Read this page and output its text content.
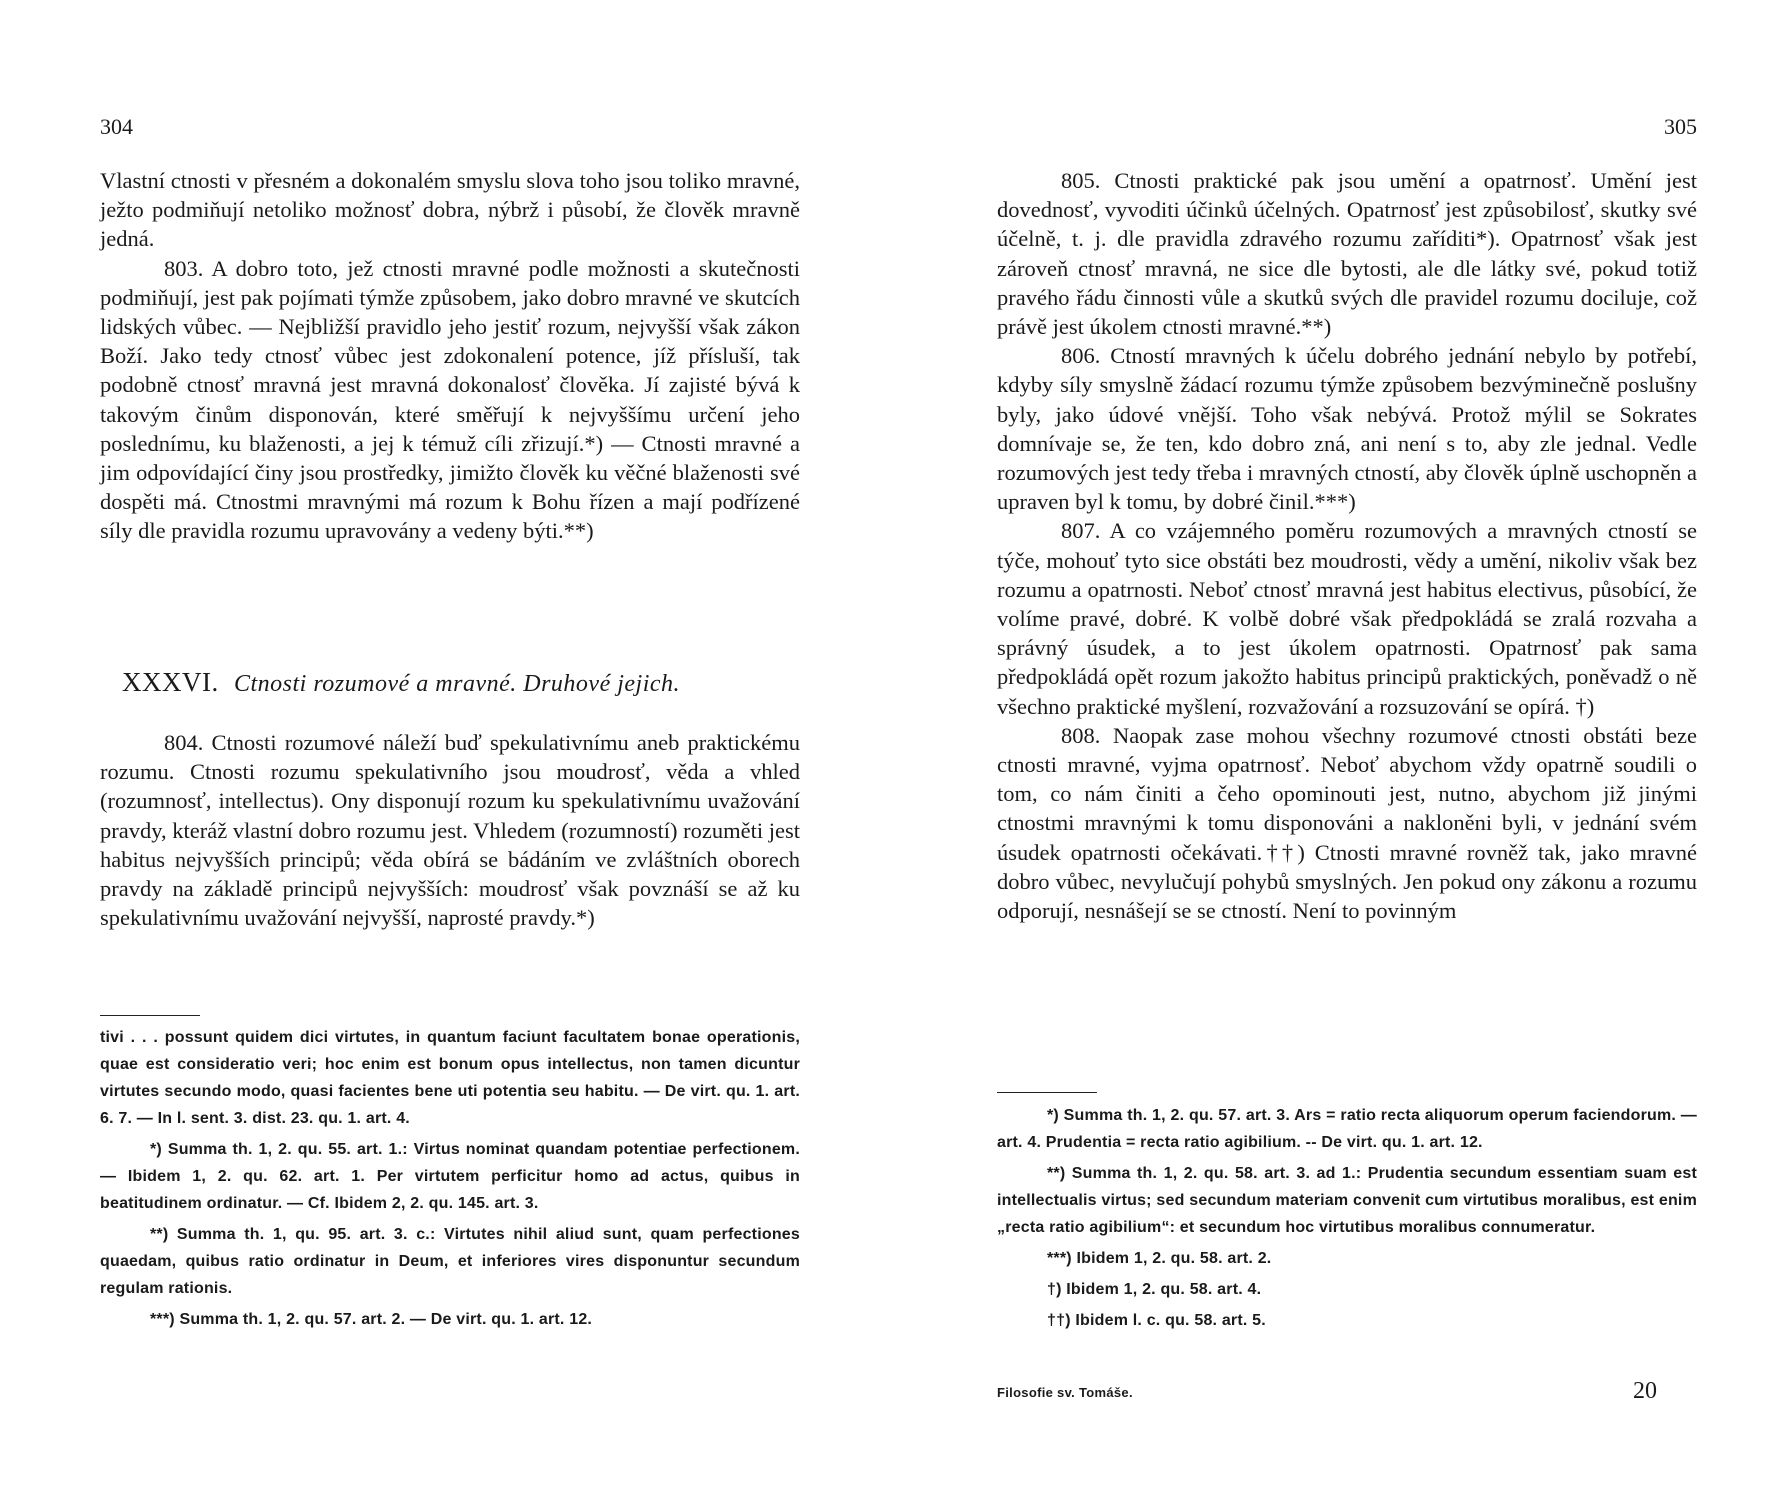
304

Vlastní ctnosti v přesném a dokonalém smyslu slova toho jsou toliko mravné, ježto podmiňují netoliko možnosť dobra, nýbrž i působí, že člověk mravně jedná.

803. A dobro toto, jež ctnosti mravné podle možnosti a skutečnosti podmiňují, jest pak pojímati týmže způsobem, jako dobro mravné ve skutcích lidských vůbec. — Nejbližší pravidlo jeho jestiť rozum, nejvyšší však zákon Boží. Jako tedy ctnosť vůbec jest zdokonalení potence, jíž přísluší, tak podobně ctnosť mravná jest mravná dokonalosť člověka. Jí zajisté bývá k takovým činům disponován, které směřují k nejvyššímu určení jeho poslednímu, ku blaženosti, a jej k témuž cíli zřizují.*) — Ctnosti mravné a jim odpovídající činy jsou prostředky, jimižto člověk ku věčné blaženosti své dospěti má. Ctnostmi mravnými má rozum k Bohu řízen a mají podřízené síly dle pravidla rozumu upravovány a vedeny býti.**)

XXXVI. Ctnosti rozumové a mravné. Druhové jejich.

804. Ctnosti rozumové náleží buď spekulativnímu aneb praktickému rozumu. Ctnosti rozumu spekulativního jsou moudrosť, věda a vhled (rozumnosť, intellectus). Ony disponují rozum ku spekulativnímu uvažování pravdy, kteráž vlastní dobro rozumu jest. Vhledem (rozumností) rozuměti jest habitus nejvyšších principů; věda obírá se bádáním ve zvláštních oborech pravdy na základě principů nejvyšších: moudrosť však povznáší se až ku spekulativnímu uvažování nejvyšší, naprosté pravdy.*)

tivi . . . possunt quidem dici virtutes, in quantum faciunt facultatem bonae operationis, quae est consideratio veri; hoc enim est bonum opus intellectus, non tamen dicuntur virtutes secundo modo, quasi facientes bene uti potentia seu habitu. — De virt. qu. 1. art. 6. 7. — In l. sent. 3. dist. 23. qu. 1. art. 4.

*) Summa th. 1, 2. qu. 55. art. 1.: Virtus nominat quandam potentiae perfectionem. — Ibidem 1, 2. qu. 62. art. 1. Per virtutem perficitur homo ad actus, quibus in beatitudinem ordinatur. — Cf. Ibidem 2, 2. qu. 145. art. 3.

**) Summa th. 1, qu. 95. art. 3. c.: Virtutes nihil aliud sunt, quam perfectiones quaedam, quibus ratio ordinatur in Deum, et inferiores vires disponuntur secundum regulam rationis.

***) Summa th. 1, 2. qu. 57. art. 2. — De virt. qu. 1. art. 12.

305

805. Ctnosti praktické pak jsou umění a opatrnosť. Umění jest dovednosť, vyvoditi účinků účelných. Opatrnosť jest způsobilosť, skutky své účelně, t. j. dle pravidla zdravého rozumu zaříditi*). Opatrnosť však jest zároveň ctnosť mravná, ne sice dle bytosti, ale dle látky své, pokud totiž pravého řádu činnosti vůle a skutků svých dle pravidel rozumu dociluje, což právě jest úkolem ctnosti mravné.**)

806. Ctností mravných k účelu dobrého jednání nebylo by potřebí, kdyby síly smyslně žádací rozumu týmže způsobem bezvýminečně poslušny byly, jako údové vnější. Toho však nebývá. Protož mýlil se Sokrates domnívaje se, že ten, kdo dobro zná, ani není s to, aby zle jednal. Vedle rozumových jest tedy třeba i mravných ctností, aby člověk úplně uschopněn a upraven byl k tomu, by dobré činil.***)

807. A co vzájemného poměru rozumových a mravných ctností se týče, mohouť tyto sice obstáti bez moudrosti, vědy a umění, nikoliv však bez rozumu a opatrnosti. Neboť ctnosť mravná jest habitus electivus, působící, že volíme pravé, dobré. K volbě dobré však předpokládá se zralá rozvaha a správný úsudek, a to jest úkolem opatrnosti. Opatrnosť pak sama předpokládá opět rozum jakožto habitus principů praktických, poněvadž o ně všechno praktické myšlení, rozvažování a rozsuzování se opírá. †)

808. Naopak zase mohou všechny rozumové ctnosti obstáti beze ctnosti mravné, vyjma opatrnosť. Neboť abychom vždy opatrně soudili o tom, co nám činiti a čeho opominouti jest, nutno, abychom již jinými ctnostmi mravnými k tomu disponováni a nakloněni byli, v jednání svém úsudek opatrnosti očekávati.††) Ctnosti mravné rovněž tak, jako mravné dobro vůbec, nevylučují pohybů smyslných. Jen pokud ony zákonu a rozumu odporují, nesnášejí se se ctností. Není to povinným

*) Summa th. 1, 2. qu. 57. art. 3. Ars = ratio recta aliquorum operum faciendorum. — art. 4. Prudentia = recta ratio agibilium. -- De virt. qu. 1. art. 12.

**) Summa th. 1, 2. qu. 58. art. 3. ad 1.: Prudentia secundum essentiam suam est intellectualis virtus; sed secundum materiam convenit cum virtutibus moralibus, est enim „recta ratio agibilium“: et secundum hoc virtutibus moralibus connumeratur.

***) Ibidem 1, 2. qu. 58. art. 2.

†) Ibidem 1, 2. qu. 58. art. 4.

††) Ibidem l. c. qu. 58. art. 5.

Filosofie sv. Tomáše.	20
